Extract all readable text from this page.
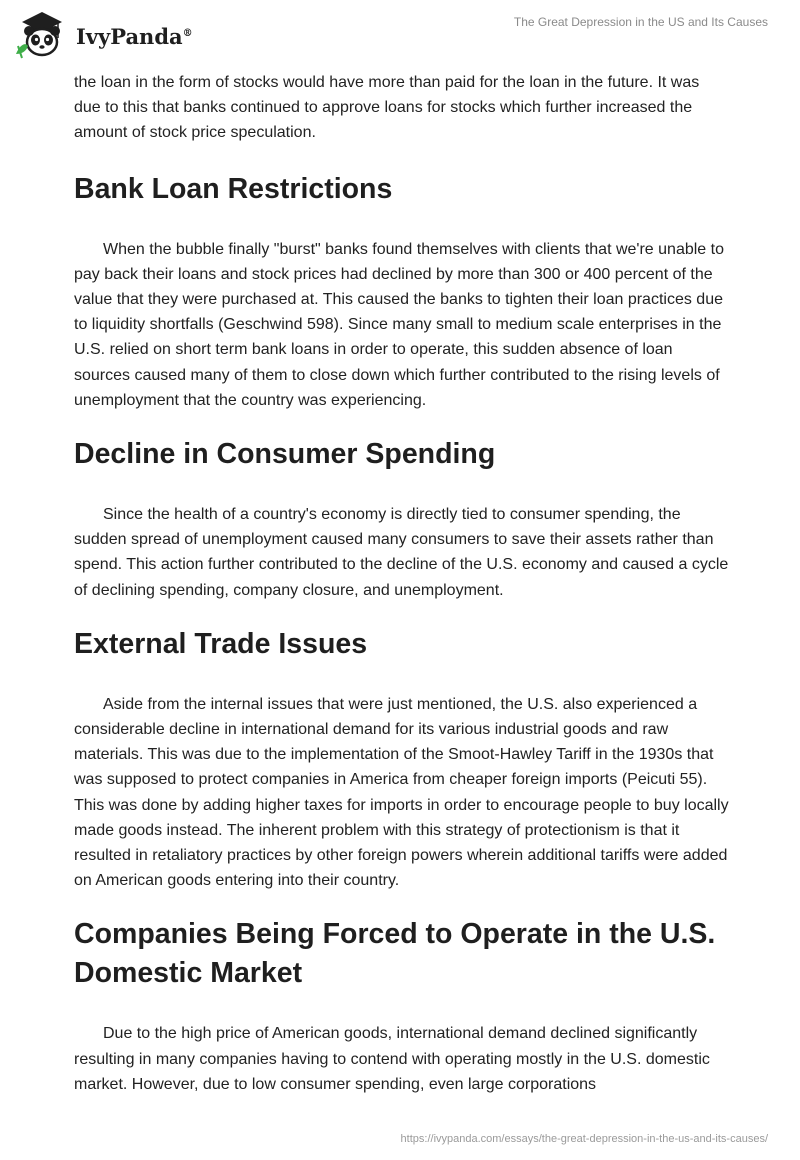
IvyPanda®
The Great Depression in the US and Its Causes

the loan in the form of stocks would have more than paid for the loan in the future. It was due to this that banks continued to approve loans for stocks which further increased the amount of stock price speculation.

Bank Loan Restrictions

When the bubble finally "burst" banks found themselves with clients that we're unable to pay back their loans and stock prices had declined by more than 300 or 400 percent of the value that they were purchased at. This caused the banks to tighten their loan practices due to liquidity shortfalls (Geschwind 598). Since many small to medium scale enterprises in the U.S. relied on short term bank loans in order to operate, this sudden absence of loan sources caused many of them to close down which further contributed to the rising levels of unemployment that the country was experiencing.

Decline in Consumer Spending

Since the health of a country's economy is directly tied to consumer spending, the sudden spread of unemployment caused many consumers to save their assets rather than spend. This action further contributed to the decline of the U.S. economy and caused a cycle of declining spending, company closure, and unemployment.

External Trade Issues

Aside from the internal issues that were just mentioned, the U.S. also experienced a considerable decline in international demand for its various industrial goods and raw materials. This was due to the implementation of the Smoot-Hawley Tariff in the 1930s that was supposed to protect companies in America from cheaper foreign imports (Peicuti 55). This was done by adding higher taxes for imports in order to encourage people to buy locally made goods instead. The inherent problem with this strategy of protectionism is that it resulted in retaliatory practices by other foreign powers wherein additional tariffs were added on American goods entering into their country.

Companies Being Forced to Operate in the U.S. Domestic Market

Due to the high price of American goods, international demand declined significantly resulting in many companies having to contend with operating mostly in the U.S. domestic market. However, due to low consumer spending, even large corporations

https://ivypanda.com/essays/the-great-depression-in-the-us-and-its-causes/
